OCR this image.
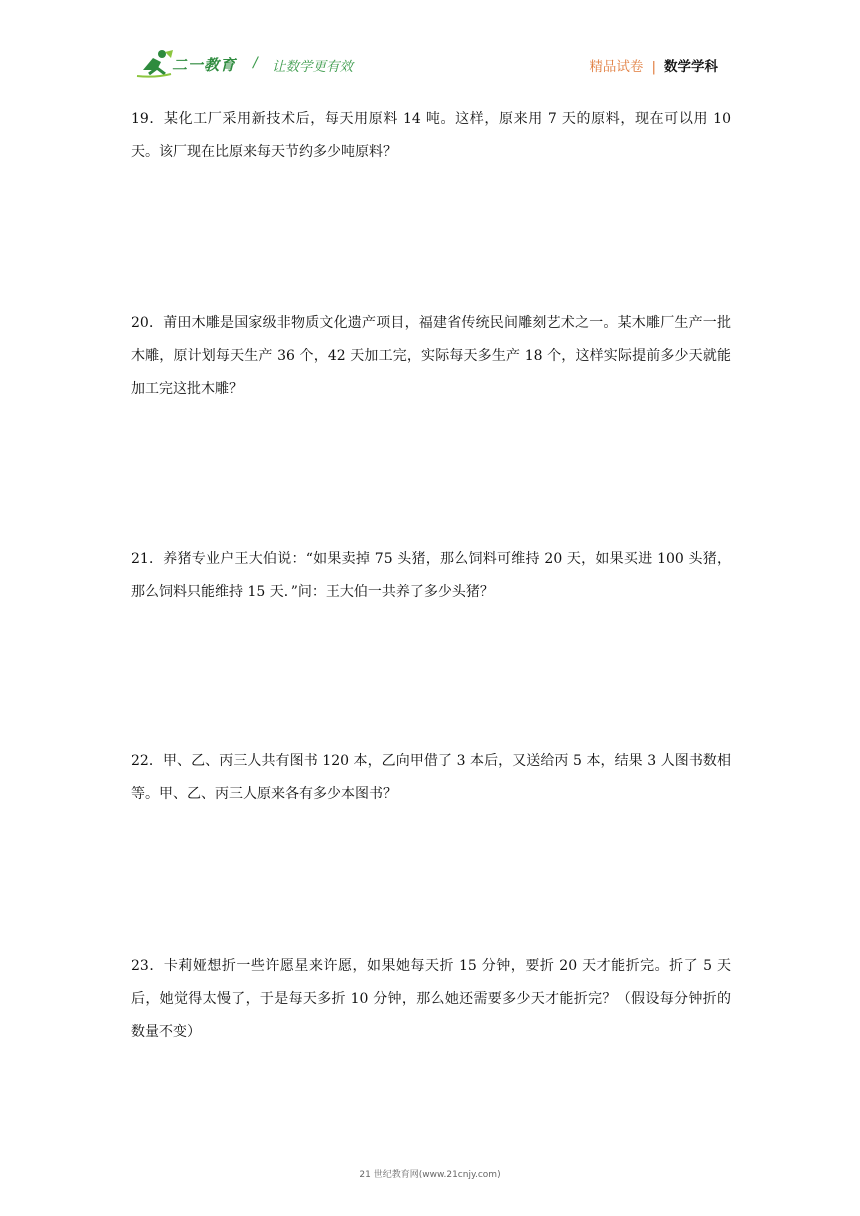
二一教育 / 让数学更有效	精品试卷 | 数学学科
19．某化工厂采用新技术后，每天用原料 14 吨。这样，原来用 7 天的原料，现在可以用 10 天。该厂现在比原来每天节约多少吨原料？
20．莆田木雕是国家级非物质文化遗产项目，福建省传统民间雕刻艺术之一。某木雕厂生产一批木雕，原计划每天生产 36 个，42 天加工完，实际每天多生产 18 个，这样实际提前多少天就能加工完这批木雕？
21．养猪专业户王大伯说：“如果卖掉 75 头猪，那么饲料可维持 20 天，如果买进 100 头猪，那么饲料只能维持 15 天．”问：王大伯一共养了多少头猪？
22．甲、乙、丙三人共有图书 120 本，乙向甲借了 3 本后，又送给丙 5 本，结果 3 人图书数相等。甲、乙、丙三人原来各有多少本图书？
23．卡莉娅想折一些许愿星来许愿，如果她每天折 15 分钟，要折 20 天才能折完。折了 5 天后，她觉得太慢了，于是每天多折 10 分钟，那么她还需要多少天才能折完？（假设每分钟折的数量不变）
21 世纪教育网(www.21cnjy.com)
